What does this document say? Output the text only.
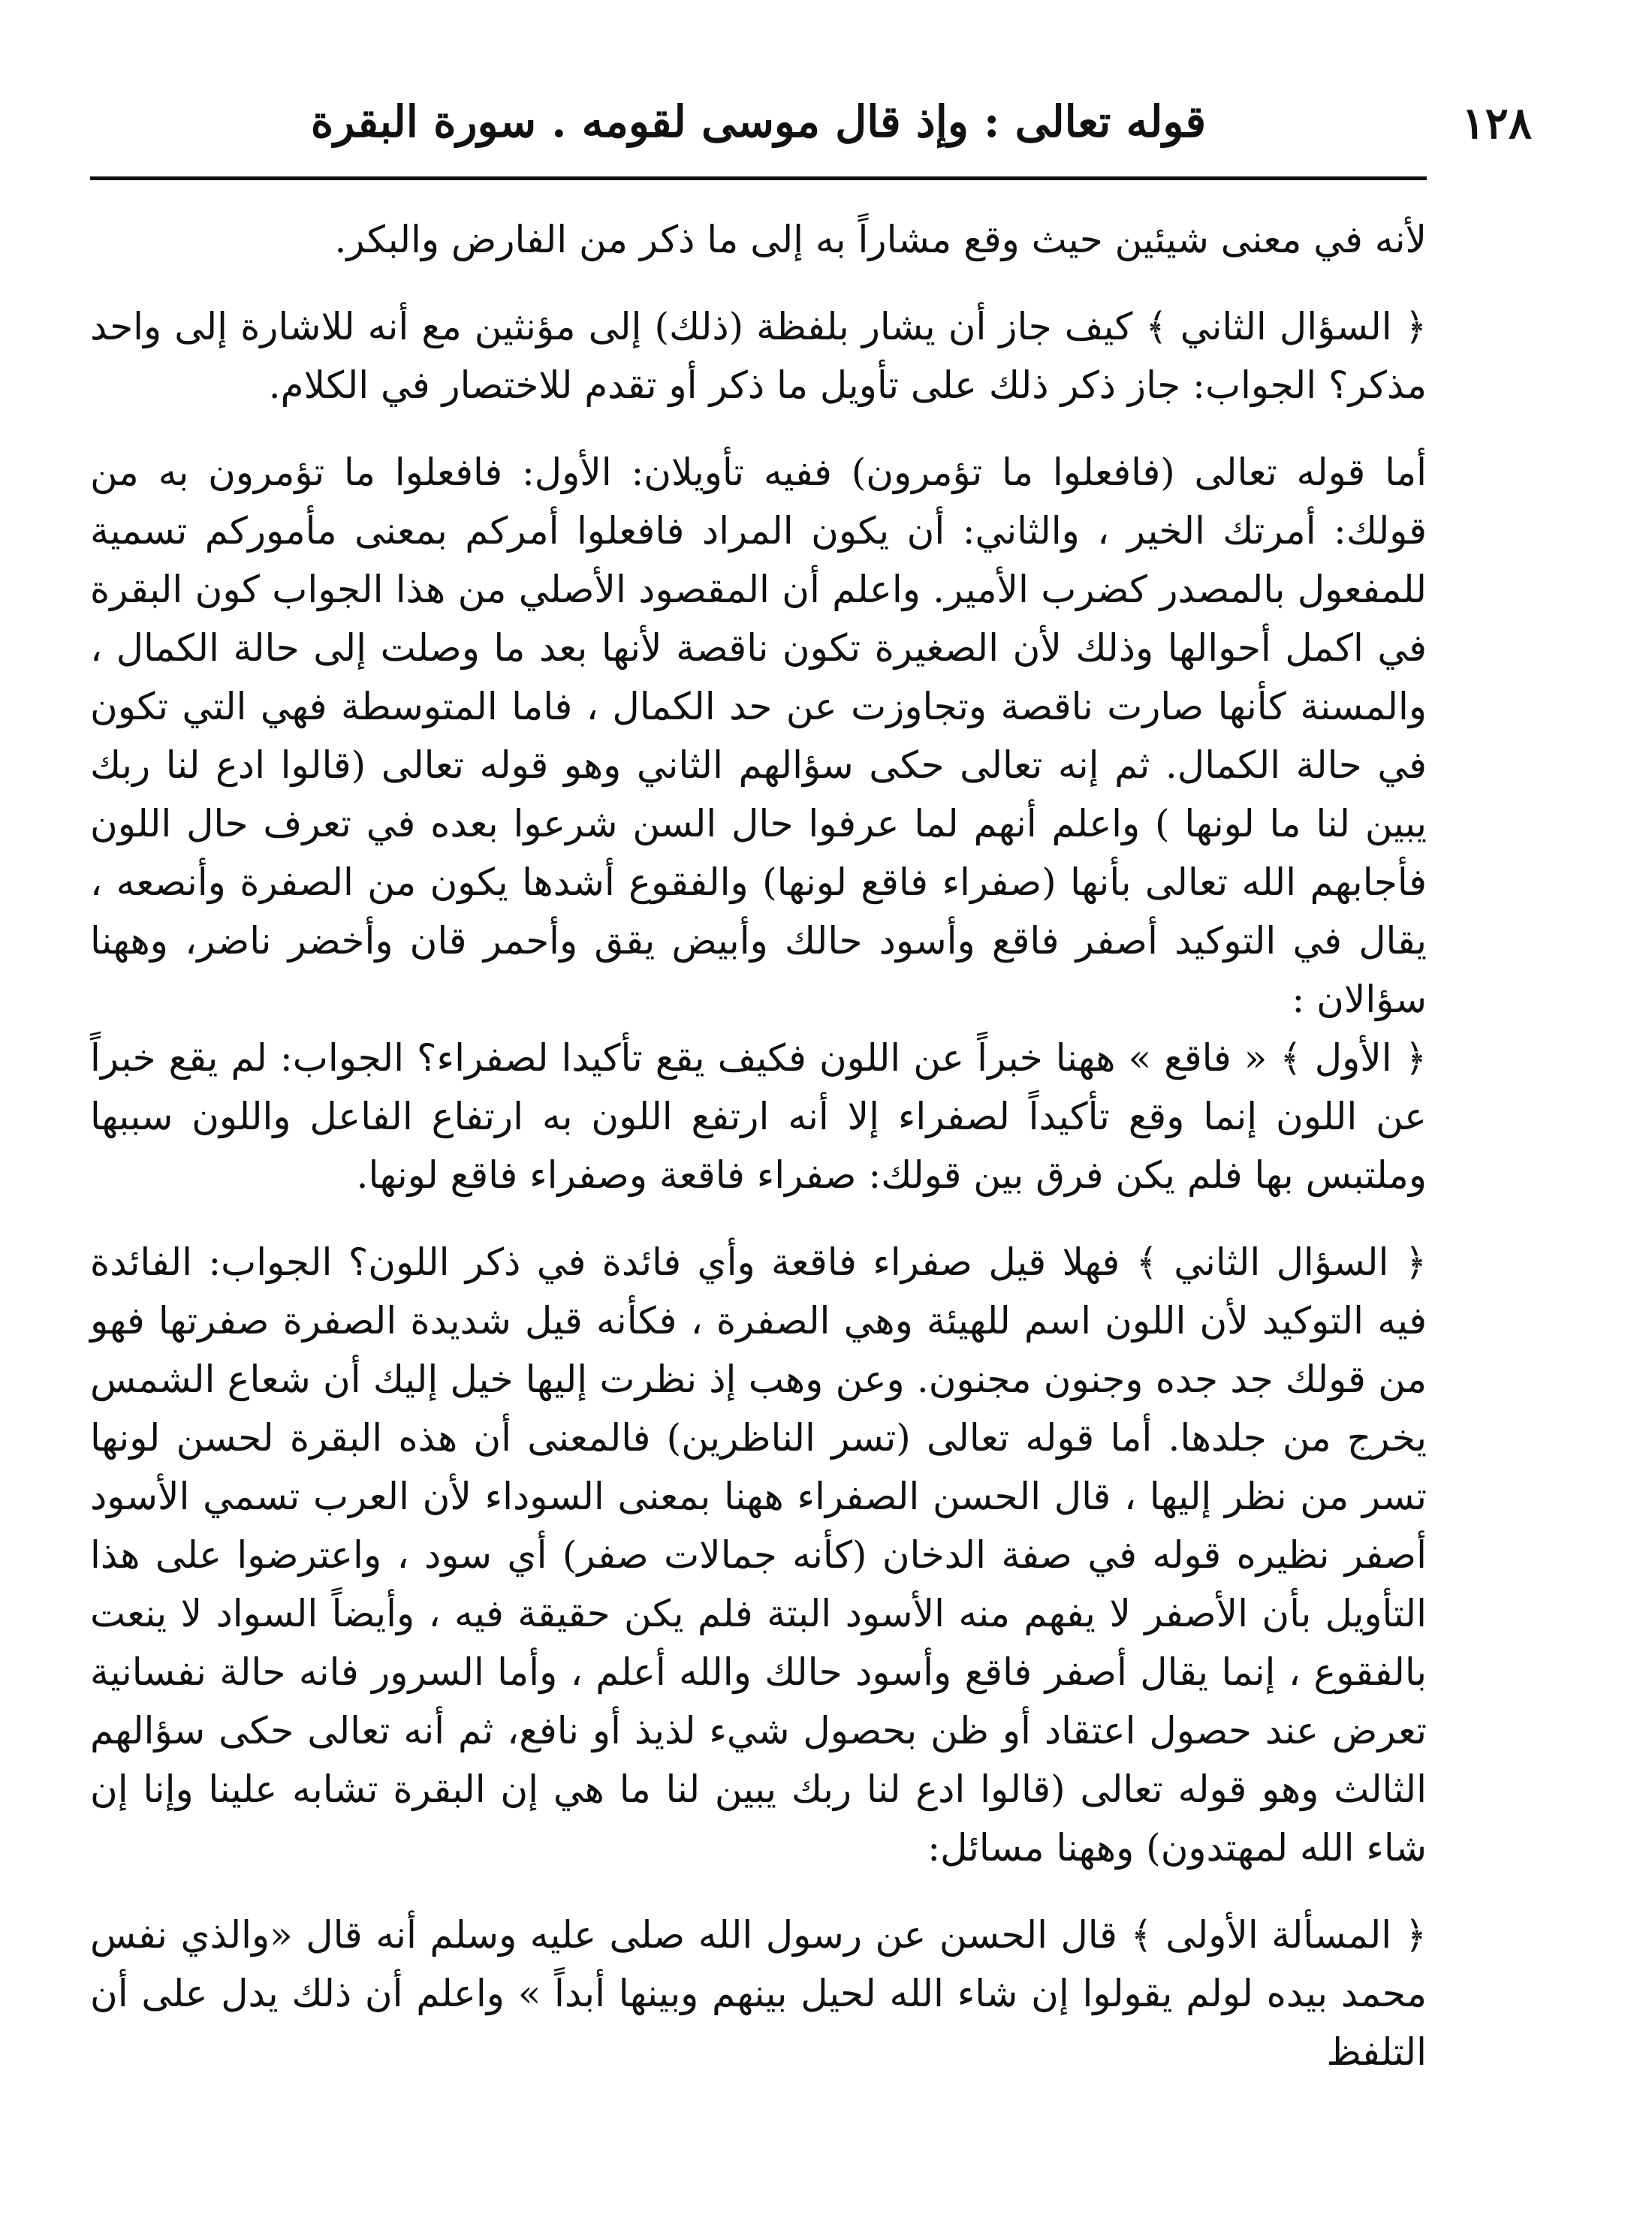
١٢٨
قوله تعالى : وإذ قال موسى لقومه . سورة البقرة

لأنه في معنى شيئين حيث وقع مشاراً به إلى ما ذكر من الفارض والبكر.

﴿ السؤال الثاني ﴾ كيف جاز أن يشار بلفظة (ذلك) إلى مؤنثين مع أنه للاشارة إلى واحد مذكر؟ الجواب: جاز ذكر ذلك على تأويل ما ذكر أو تقدم للاختصار في الكلام.

أما قوله تعالى (فافعلوا ما تؤمرون) ففيه تأويلان: الأول: فافعلوا ما تؤمرون به من قولك: أمرتك الخير ، والثاني: أن يكون المراد فافعلوا أمركم بمعنى مأموركم تسمية للمفعول بالمصدر كضرب الأمير. واعلم أن المقصود الأصلي من هذا الجواب كون البقرة في اكمل أحوالها وذلك لأن الصغيرة تكون ناقصة لأنها بعد ما وصلت إلى حالة الكمال ، والمسنة كأنها صارت ناقصة وتجاوزت عن حد الكمال ، فاما المتوسطة فهي التي تكون في حالة الكمال. ثم إنه تعالى حكى سؤالهم الثاني وهو قوله تعالى (قالوا ادع لنا ربك يبين لنا ما لونها ) واعلم أنهم لما عرفوا حال السن شرعوا بعده في تعرف حال اللون فأجابهم الله تعالى بأنها (صفراء فاقع لونها) والفقوع أشدها يكون من الصفرة وأنصعه ، يقال في التوكيد أصفر فاقع وأسود حالك وأبيض يقق وأحمر قان وأخضر ناضر، وههنا سؤالان :

﴿ الأول ﴾ « فاقع » ههنا خبراً عن اللون فكيف يقع تأكيدا لصفراء؟ الجواب: لم يقع خبراً عن اللون إنما وقع تأكيداً لصفراء إلا أنه ارتفع اللون به ارتفاع الفاعل واللون سببها وملتبس بها فلم يكن فرق بين قولك: صفراء فاقعة وصفراء فاقع لونها.

﴿ السؤال الثاني ﴾ فهلا قيل صفراء فاقعة وأي فائدة في ذكر اللون؟ الجواب: الفائدة فيه التوكيد لأن اللون اسم للهيئة وهي الصفرة ، فكأنه قيل شديدة الصفرة صفرتها فهو من قولك جد جده وجنون مجنون. وعن وهب إذ نظرت إليها خيل إليك أن شعاع الشمس يخرج من جلدها. أما قوله تعالى (تسر الناظرين) فالمعنى أن هذه البقرة لحسن لونها تسر من نظر إليها ، قال الحسن الصفراء ههنا بمعنى السوداء لأن العرب تسمي الأسود أصفر نظيره قوله في صفة الدخان (كأنه جمالات صفر) أي سود ، واعترضوا على هذا التأويل بأن الأصفر لا يفهم منه الأسود البتة فلم يكن حقيقة فيه ، وأيضاً السواد لا ينعت بالفقوع ، إنما يقال أصفر فاقع وأسود حالك والله أعلم ، وأما السرور فانه حالة نفسانية تعرض عند حصول اعتقاد أو ظن بحصول شيء لذيذ أو نافع، ثم أنه تعالى حكى سؤالهم الثالث وهو قوله تعالى (قالوا ادع لنا ربك يبين لنا ما هي إن البقرة تشابه علينا وإنا إن شاء الله لمهتدون) وههنا مسائل:

﴿ المسألة الأولى ﴾ قال الحسن عن رسول الله صلى عليه وسلم أنه قال «والذي نفس محمد بيده لولم يقولوا إن شاء الله لحيل بينهم وبينها أبداً » واعلم أن ذلك يدل على أن التلفظ
